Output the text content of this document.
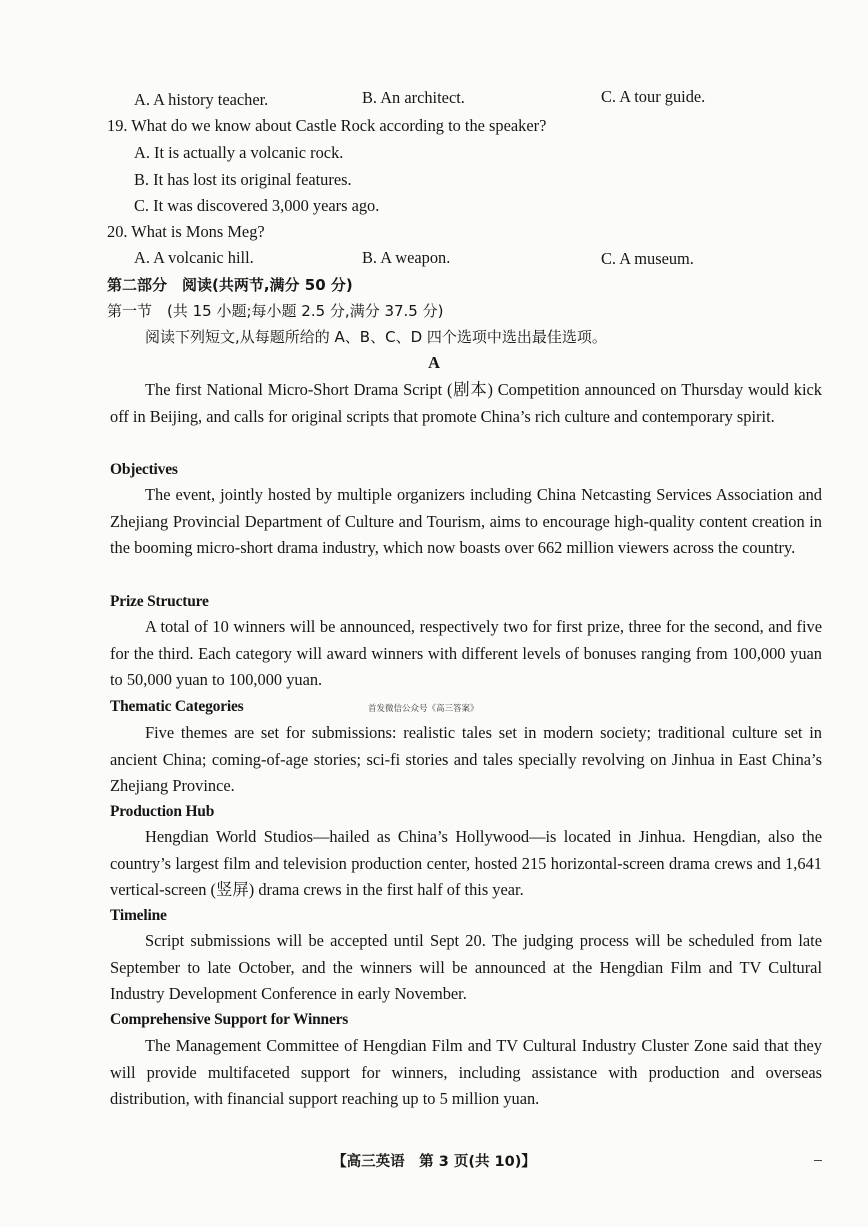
A. A history teacher.	B. An architect.	C. A tour guide.
19. What do we know about Castle Rock according to the speaker?
A. It is actually a volcanic rock.
B. It has lost its original features.
C. It was discovered 3,000 years ago.
20. What is Mons Meg?
A. A volcanic hill.	B. A weapon.	C. A museum.
第二部分　阅读(共两节,满分 50 分)
第一节　(共 15 小题;每小题 2.5 分,满分 37.5 分)
阅读下列短文,从每题所给的 A、B、C、D 四个选项中选出最佳选项。
A

The first National Micro-Short Drama Script (剧本) Competition announced on Thursday would kick off in Beijing, and calls for original scripts that promote China’s rich culture and contemporary spirit.

Objectives

The event, jointly hosted by multiple organizers including China Netcasting Services Association and Zhejiang Provincial Department of Culture and Tourism, aims to encourage high-quality content creation in the booming micro-short drama industry, which now boasts over 662 million viewers across the country.

Prize Structure

A total of 10 winners will be announced, respectively two for first prize, three for the second, and five for the third. Each category will award winners with different levels of bonuses ranging from 100,000 yuan to 50,000 yuan to 100,000 yuan.

Thematic Categories	首发微信公众号《高三答案》

Five themes are set for submissions: realistic tales set in modern society; traditional culture set in ancient China; coming-of-age stories; sci-fi stories and tales specially revolving on Jinhua in East China’s Zhejiang Province.

Production Hub

Hengdian World Studios—hailed as China’s Hollywood—is located in Jinhua. Hengdian, also the country’s largest film and television production center, hosted 215 horizontal-screen drama crews and 1,641 vertical-screen (竖屏) drama crews in the first half of this year.

Timeline

Script submissions will be accepted until Sept 20. The judging process will be scheduled from late September to late October, and the winners will be announced at the Hengdian Film and TV Cultural Industry Development Conference in early November.

Comprehensive Support for Winners

The Management Committee of Hengdian Film and TV Cultural Industry Cluster Zone said that they will provide multifaceted support for winners, including assistance with production and overseas distribution, with financial support reaching up to 5 million yuan.

【高三英语　第 3 页(共 10)】
